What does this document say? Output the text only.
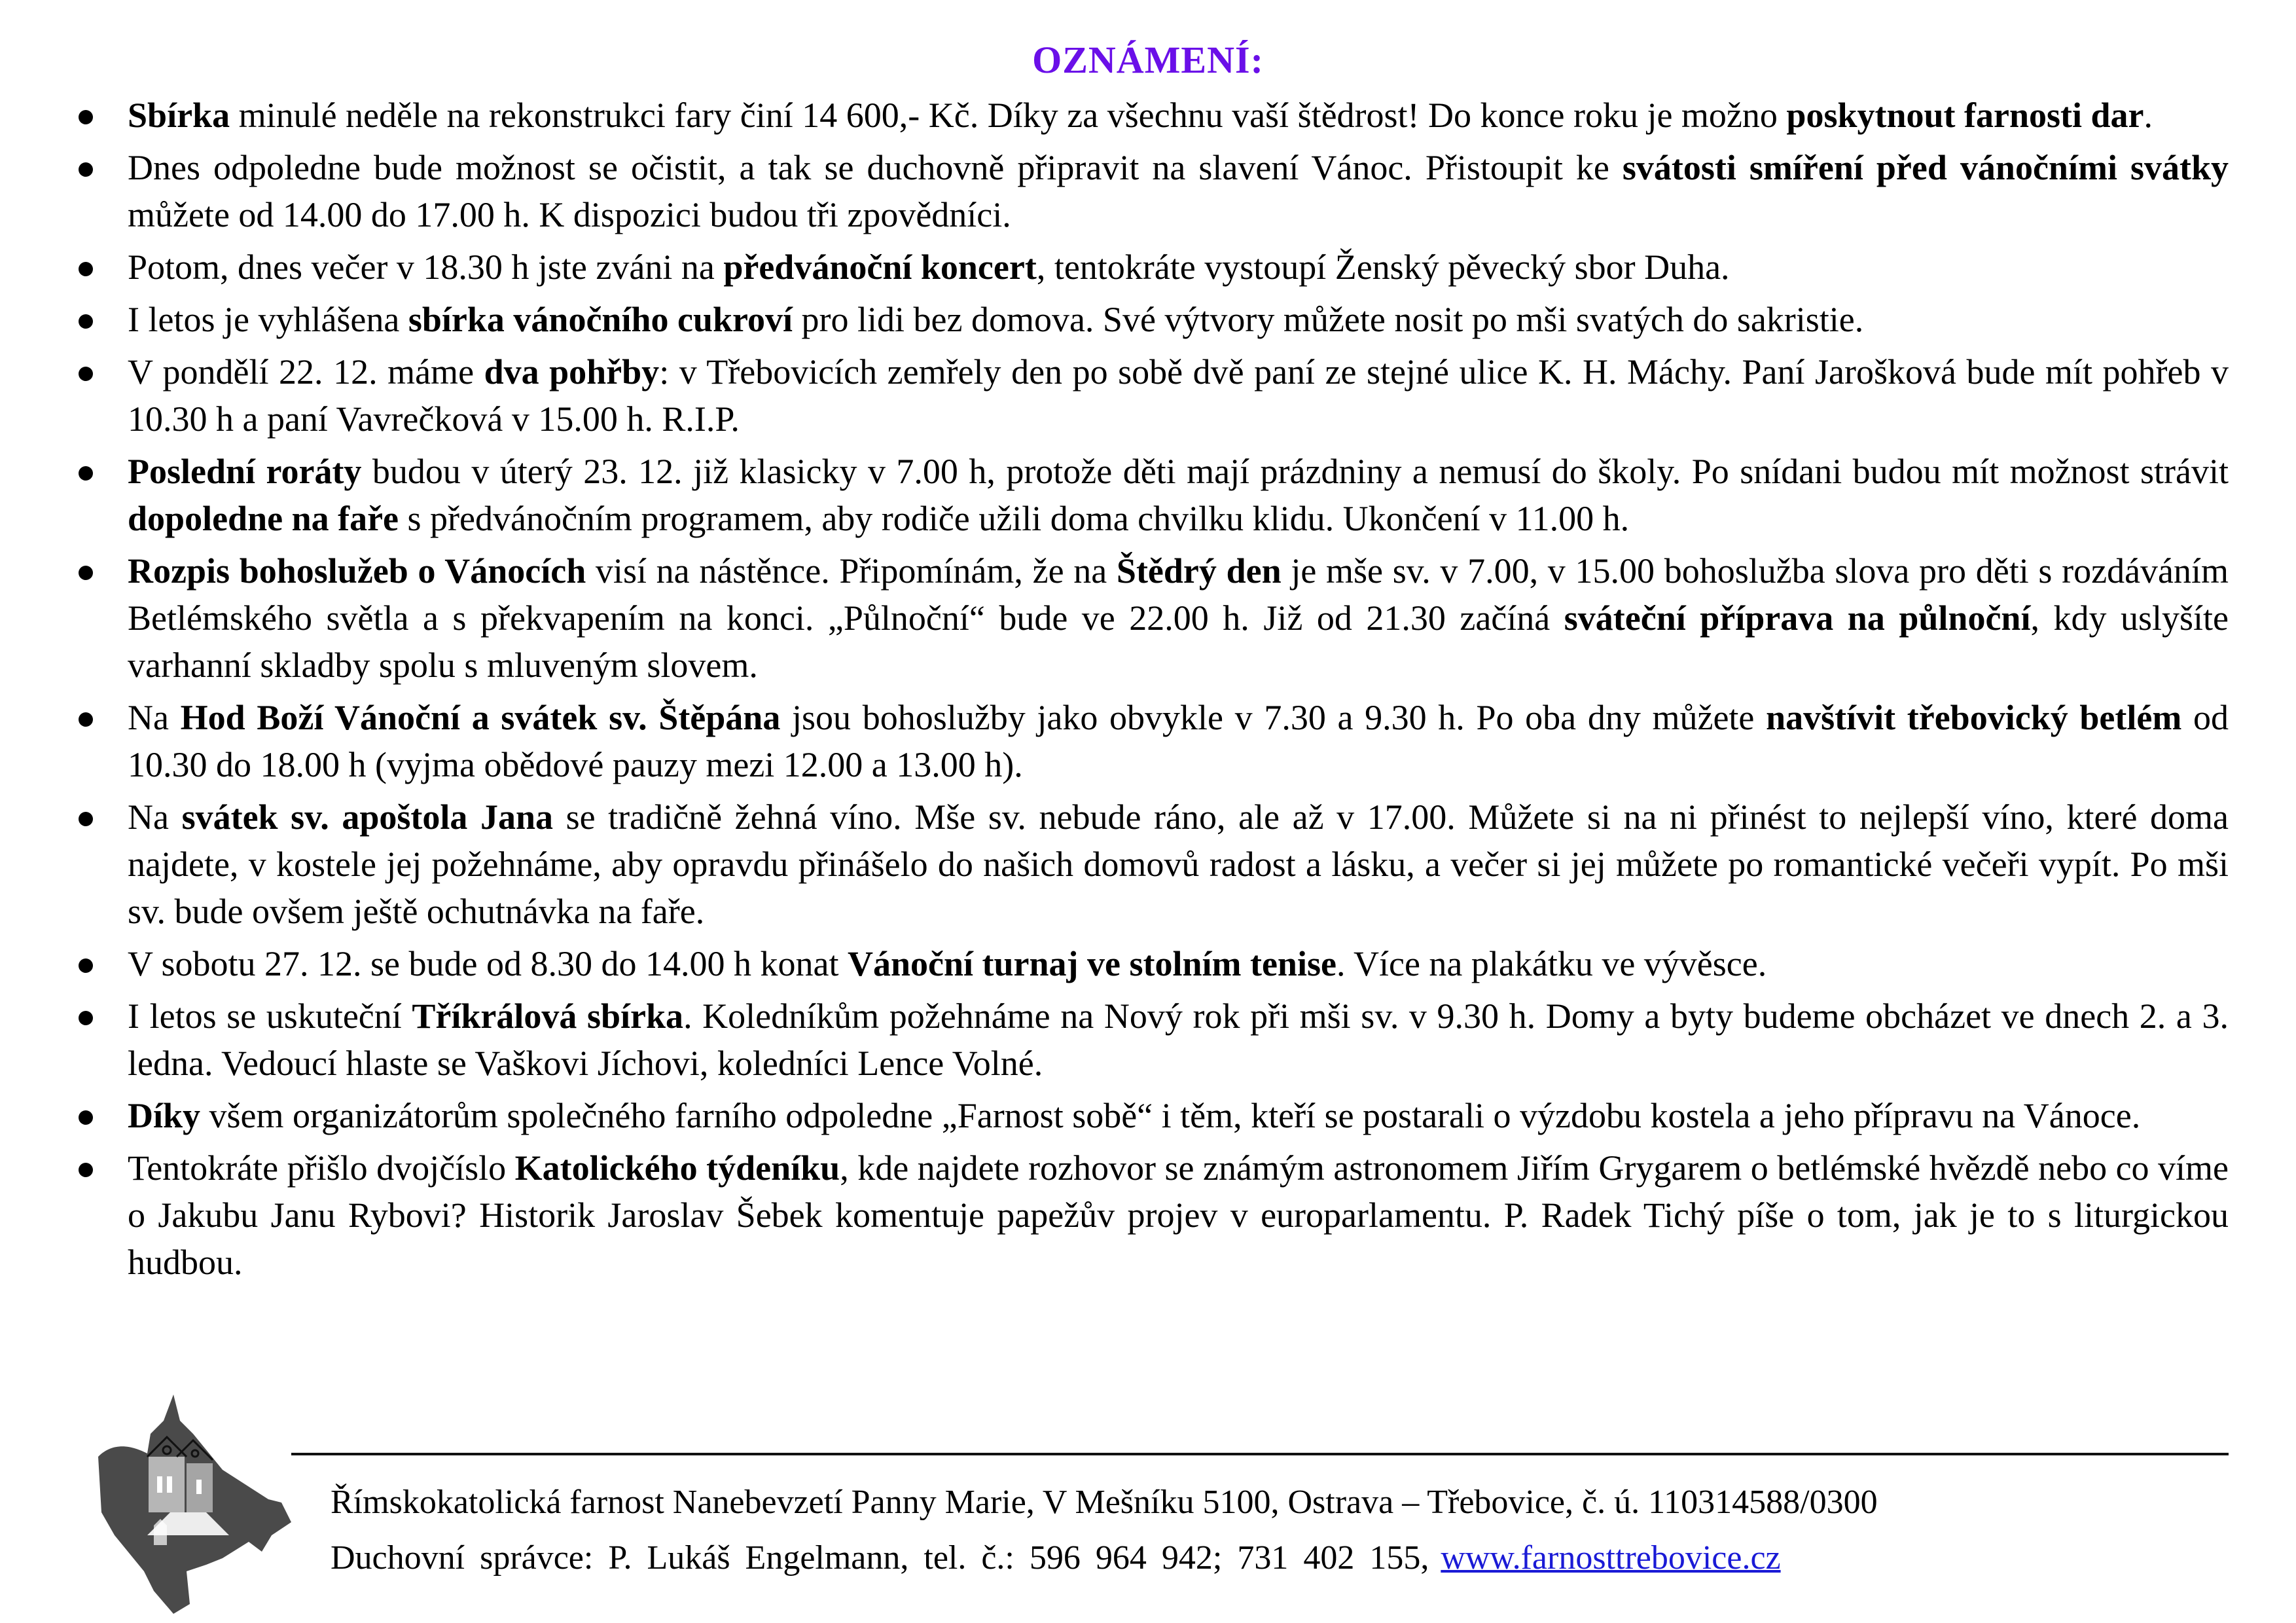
OZNÁMENÍ:
Sbírka minulé neděle na rekonstrukci fary činí 14 600,- Kč. Díky za všechnu vaší štědrost! Do konce roku je možno poskytnout farnosti dar.
Dnes odpoledne bude možnost se očistit, a tak se duchovně připravit na slavení Vánoc. Přistoupit ke svátosti smíření před vánočními svátky můžete od 14.00 do 17.00 h. K dispozici budou tři zpovědníci.
Potom, dnes večer v 18.30 h jste zváni na předvánoční koncert, tentokráte vystoupí Ženský pěvecký sbor Duha.
I letos je vyhlášena sbírka vánočního cukroví pro lidi bez domova. Své výtvory můžete nosit po mši svatých do sakristie.
V pondělí 22. 12. máme dva pohřby: v Třebovicích zemřely den po sobě dvě paní ze stejné ulice K. H. Máchy. Paní Jarošková bude mít pohřeb v 10.30 h a paní Vavrečková v 15.00 h. R.I.P.
Poslední roráty budou v úterý 23. 12. již klasicky v 7.00 h, protože děti mají prázdniny a nemusí do školy. Po snídani budou mít možnost strávit dopoledne na faře s předvánočním programem, aby rodiče užili doma chvilku klidu. Ukončení v 11.00 h.
Rozpis bohoslužeb o Vánocích visí na nástěnce. Připomínám, že na Štědrý den je mše sv. v 7.00, v 15.00 bohoslužba slova pro děti s rozdáváním Betlémského světla a s překvapením na konci. „Půlnoční“ bude ve 22.00 h. Již od 21.30 začíná sváteční příprava na půlnoční, kdy uslyšíte varhanní skladby spolu s mluveným slovem.
Na Hod Boží Vánoční a svátek sv. Štěpána jsou bohoslužby jako obvykle v 7.30 a 9.30 h. Po oba dny můžete navštívit třebovický betlém od 10.30 do 18.00 h (vyjma obědové pauzy mezi 12.00 a 13.00 h).
Na svátek sv. apoštola Jana se tradičně žehná víno. Mše sv. nebude ráno, ale až v 17.00. Můžete si na ni přinést to nejlepší víno, které doma najdete, v kostele jej požehnáme, aby opravdu přinášelo do našich domovů radost a lásku, a večer si jej můžete po romantické večeři vypít. Po mši sv. bude ovšem ještě ochutnávka na faře.
V sobotu 27. 12. se bude od 8.30 do 14.00 h konat Vánoční turnaj ve stolním tenise. Více na plakátku ve vývěsce.
I letos se uskuteční Tříkrálová sbírka. Koledníkům požehnáme na Nový rok při mši sv. v 9.30 h. Domy a byty budeme obcházet ve dnech 2. a 3. ledna. Vedoucí hlaste se Vaškovi Jíchovi, koledníci Lence Volné.
Díky všem organizátorům společného farního odpoledne „Farnost sobě“ i těm, kteří se postarali o výzdobu kostela a jeho přípravu na Vánoce.
Tentokráte přišlo dvojčíslo Katolického týdeníku, kde najdete rozhovor se známým astronomem Jiřím Grygarem o betlémské hvězdě nebo co víme o Jakubu Janu Rybovi? Historik Jaroslav Šebek komentuje papežův projev v europarlamentu. P. Radek Tichý píše o tom, jak je to s liturgickou hudbou.
Římskokatolická farnost Nanebevzetí Panny Marie, V Mešníku 5100, Ostrava – Třebovice, č. ú. 110314588/0300
Duchovní správce: P. Lukáš Engelmann, tel. č.: 596 964 942; 731 402 155, www.farnosttrebovice.cz
